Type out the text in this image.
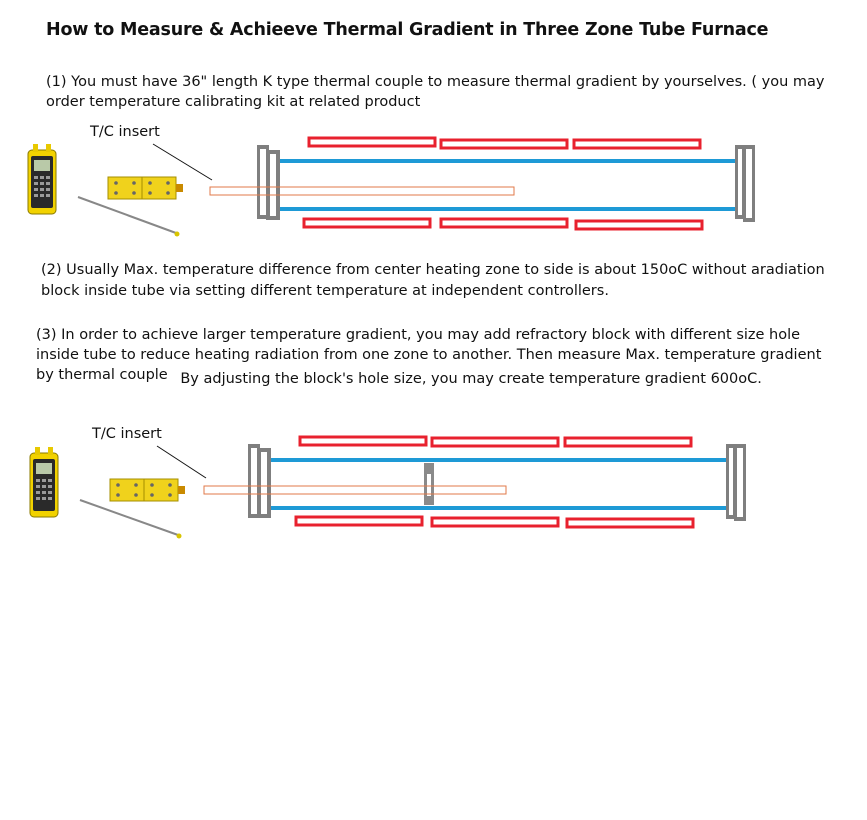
How to Measure & Achieeve Thermal Gradient in Three Zone Tube Furnace
(1) You must have 36" length K type thermal couple to measure thermal gradient by yourselves. ( you may
order temperature calibrating kit at related product
T/C insert
(2) Usually Max. temperature difference from center heating zone to side is about 150oC without aradiation
block inside tube via setting different temperature at independent controllers.
(3) In order to achieve larger temperature gradient, you may add refractory block with different size hole
inside tube to reduce heating radiation from one zone to another. Then measure Max. temperature gradient
by thermal couple By adjusting the block's hole size, you may create temperature gradient 600oC.
T/C insert
